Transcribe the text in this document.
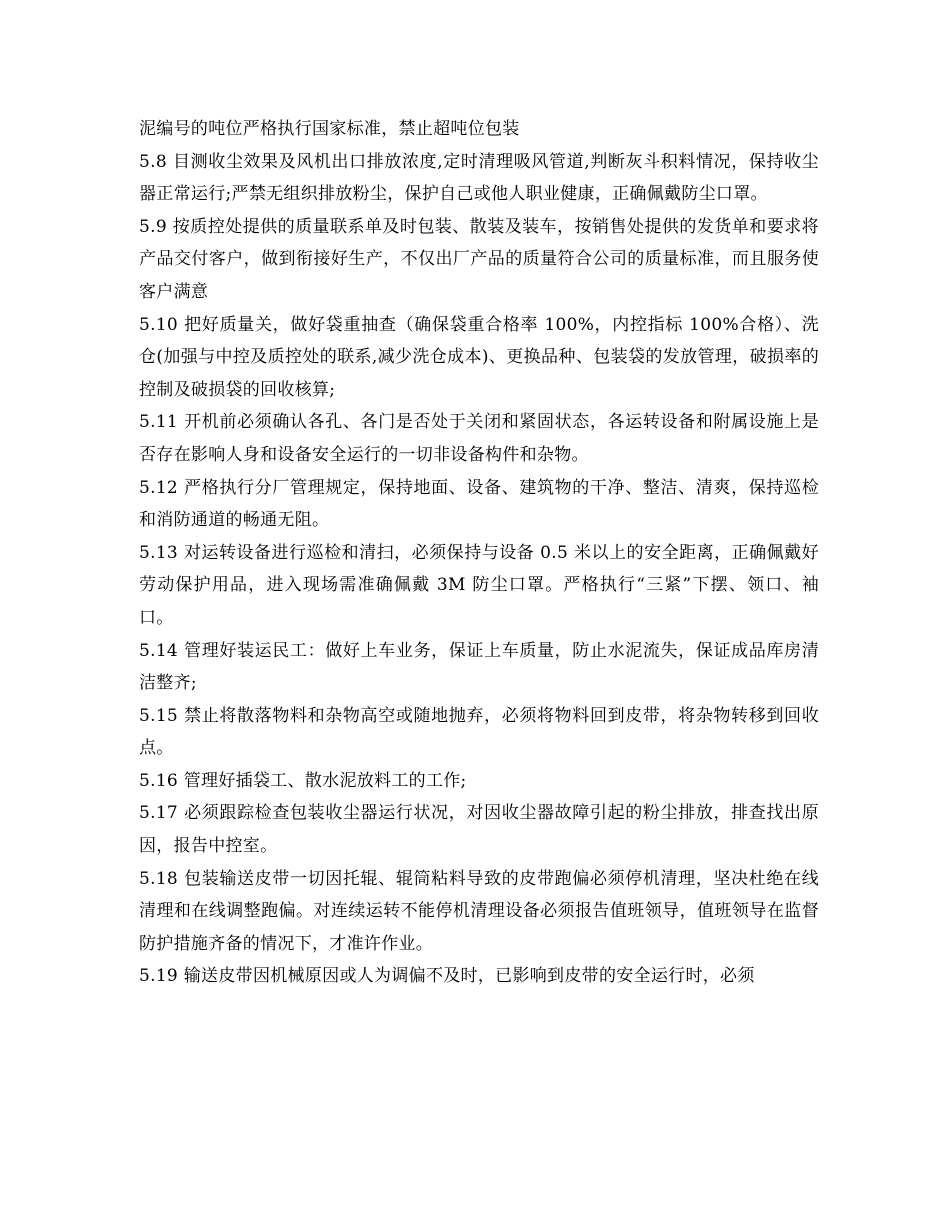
泥编号的吨位严格执行国家标准，禁止超吨位包装

5.8 目测收尘效果及风机出口排放浓度,定时清理吸风管道,判断灰斗积料情况，保持收尘器正常运行;严禁无组织排放粉尘，保护自己或他人职业健康，正确佩戴防尘口罩。

5.9 按质控处提供的质量联系单及时包装、散装及装车，按销售处提供的发货单和要求将产品交付客户，做到衔接好生产，不仅出厂产品的质量符合公司的质量标准，而且服务使客户满意

5.10 把好质量关，做好袋重抽查（确保袋重合格率 100%，内控指标 100%合格）、洗仓(加强与中控及质控处的联系,减少洗仓成本)、更换品种、包装袋的发放管理，破损率的控制及破损袋的回收核算;

5.11 开机前必须确认各孔、各门是否处于关闭和紧固状态，各运转设备和附属设施上是否存在影响人身和设备安全运行的一切非设备构件和杂物。

5.12 严格执行分厂管理规定，保持地面、设备、建筑物的干净、整洁、清爽，保持巡检和消防通道的畅通无阻。

5.13 对运转设备进行巡检和清扫，必须保持与设备 0.5 米以上的安全距离，正确佩戴好劳动保护用品，进入现场需准确佩戴 3M 防尘口罩。严格执行“三紧”下摆、领口、袖口。

5.14 管理好装运民工：做好上车业务，保证上车质量，防止水泥流失，保证成品库房清洁整齐;

5.15 禁止将散落物料和杂物高空或随地抛弃，必须将物料回到皮带，将杂物转移到回收点。

5.16 管理好插袋工、散水泥放料工的工作;

5.17 必须跟踪检查包装收尘器运行状况，对因收尘器故障引起的粉尘排放，排查找出原因，报告中控室。

5.18 包装输送皮带一切因托辊、辊筒粘料导致的皮带跑偏必须停机清理，坚决杜绝在线清理和在线调整跑偏。对连续运转不能停机清理设备必须报告值班领导，值班领导在监督防护措施齐备的情况下，才准许作业。

5.19 输送皮带因机械原因或人为调偏不及时，已影响到皮带的安全运行时，必须
